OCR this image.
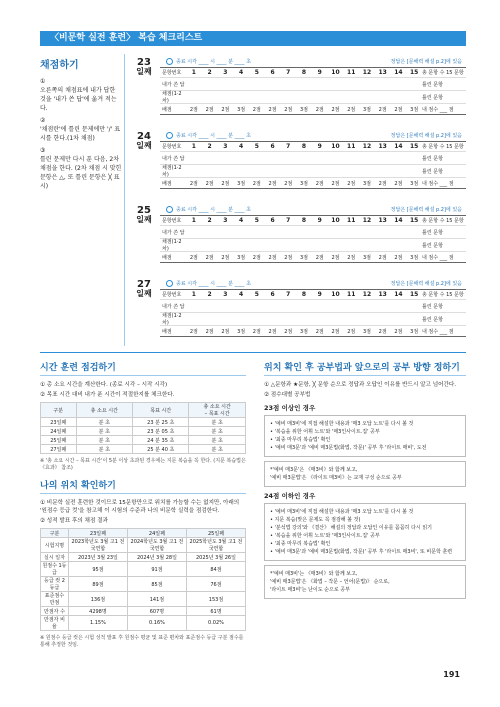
〈비문학 실전 훈련〉 복습 체크리스트
채점하기
①
오른쪽의 채점표에 내가 답한 것을 '내가 쓴 답'에 옮겨 적는다.
②
'채점란'에 틀린 문제에만 '/' 표시를 한다.(1차 채점)
③
틀린 문제만 다시 푼 다음, 2차 채점을 한다. (2차 채점 시 맞힌 문항은 △, 또 틀린 문항은 ╳ 표시)
23
일째
종료 시각 ____ 시 ____ 분 ____ 초	정답은 [문해력 해설 p.2]에 있음
문항번호	1	2	3	4	5	6	7	8	9	10	11	12	13	14	15 총 문항 수 15 문항
내가 쓴 답	틀린 문항
채점(1·2차)
틀린 문항
배점	2점	2점	2점	3점	2점	2점	2점	3점	2점	2점	2점	3점	2점	2점	3점 내 점수 ___ 점
24
일째
종료 시각 ____ 시 ____ 분 ____ 초	정답은 [문해력 해설 p.2]에 있음
문항번호	1	2	3	4	5	6	7	8	9	10	11	12	13	14	15 총 문항 수 15 문항
내가 쓴 답	틀린 문항
채점(1·2차)
틀린 문항
배점	2점	2점	2점	3점	2점	2점	2점	3점	2점	2점	2점	3점	2점	2점	3점 내 점수 ___ 점
25
일째
종료 시각 ____ 시 ____ 분 ____ 초	정답은 [문해력 해설 p.2]에 있음
문항번호	1	2	3	4	5	6	7	8	9	10	11	12	13	14	15 총 문항 수 15 문항
내가 쓴 답	틀린 문항
채점(1·2차)
틀린 문항
배점	2점	2점	2점	3점	2점	2점	2점	3점	2점	2점	2점	3점	2점	2점	3점 내 점수 ___ 점
27
일째
종료 시각 ____ 시 ____ 분 ____ 초	정답은 [문해력 해설 p.2]에 있음
문항번호	1	2	3	4	5	6	7	8	9	10	11	12	13	14	15 총 문항 수 15 문항
내가 쓴 답	틀린 문항
채점(1·2차)
틀린 문항
배점	2점	2점	2점	3점	2점	2점	2점	3점	2점	2점	2점	3점	2점	2점	3점 내 점수 ___ 점
시간 훈련 점검하기
① 총 소요 시간을 계산한다. (종료 시각 – 시작 시각)
② 목표 시간 대비 내가 푼 시간이 적절한지를 체크한다.
구분	총 소요 시간	목표 시간	총 소요 시간
– 목표 시간
23일째	분 초	23 분 25 초	분 초
24일째	분 초	23 분 05 초	분 초
25일째	분 초	24 분 35 초	분 초
27일째	분 초	25 분 40 초	분 초
※ '총 소요 시간 – 목표 시간'이 5분 이상 초과된 경우에는 지문 복습을 꼭 한다. (지문 복습법은 《효과》 참조)
나의 위치 확인하기
① 비문학 실전 훈련한 것이므로 15문항만으로 위치를 가늠할 수는 없지만, 아래의 '원점수 등급 컷'을 참고해 이 시험의 수준과 나의 비문학 실력을 점검한다.
② 성적 발표 후의 채점 결과
구분	23일째	24일째	25일째
시험지명	2023학년도 3월 고1 전국연합	2024학년도 3월 고1 전국연합	2025학년도 3월 고1 전국연합
실시 일자	2023년 3월 23일	2024년 3월 28일	2025년 3월 26일
원점수 1등급	95점	91점	84점
등급 컷 2등급	89점	85점	76점
표준점수 만점	136점	141점	153점
만점자 수	4298명	607명	61명
만점자 비율	1.15%	0.16%	0.02%
※ 원점수 등급 컷은 시험 성적 발표 후 원점수 평균 및 표준 편차와 표준점수 등급 구분 점수를 통해 추정한 것임.
위치 확인 후 공부법과 앞으로의 공부 방향 정하기
① △문항과 ★문항, ╳ 문항 순으로 정답과 오답인 이유를 반드시 알고 넘어간다.
② 점수대별 공부법
23점 이상인 경우
• '예비 매3비'에 직접 해설한 내용과 '매3 오답 노트'를 다시 볼 것
• '복습을 위한 어휘 노트'와 '매3인사이트.집' 공부
• '최종 마무리 복습법' 확인
• '예비 매3문'과 '예비 매3문법(화법, 작문)' 공부 후 '라이트 매비', 도전
*'예비 매3문'은 《매3비》와 함께 보고,
'예비 매3문법'은 《라이트 매3비》는 교재 구성 순으로 공부
24점 이하인 경우
• '예비 매3비'에 직접 해설한 내용과 '매3 오답 노트'를 다시 볼 것
• 지문 복습(맞은 문제도 꼭 점검해 볼 것)
• '분석법 강의'와 《결산》 해설의 정답과 오답인 이유를 꼼꼼히 다시 읽기
• '복습을 위한 어휘 노트'와 '매3인사이트.집' 공부
• '최종 마무리 복습법' 확인
• '예비 매3문'과 '예비 매3문법(화법, 작문)' 공부 후 '라이트 매3비', 또 비문학 훈련
*'예비 매3비'는 《매3비》와 함께 보고,
'예비 매3문법'은 《화법 – 작문 – 언어(문법)》 순으로,
'라이트 매3비'는 난이도 순으로 공부
191
